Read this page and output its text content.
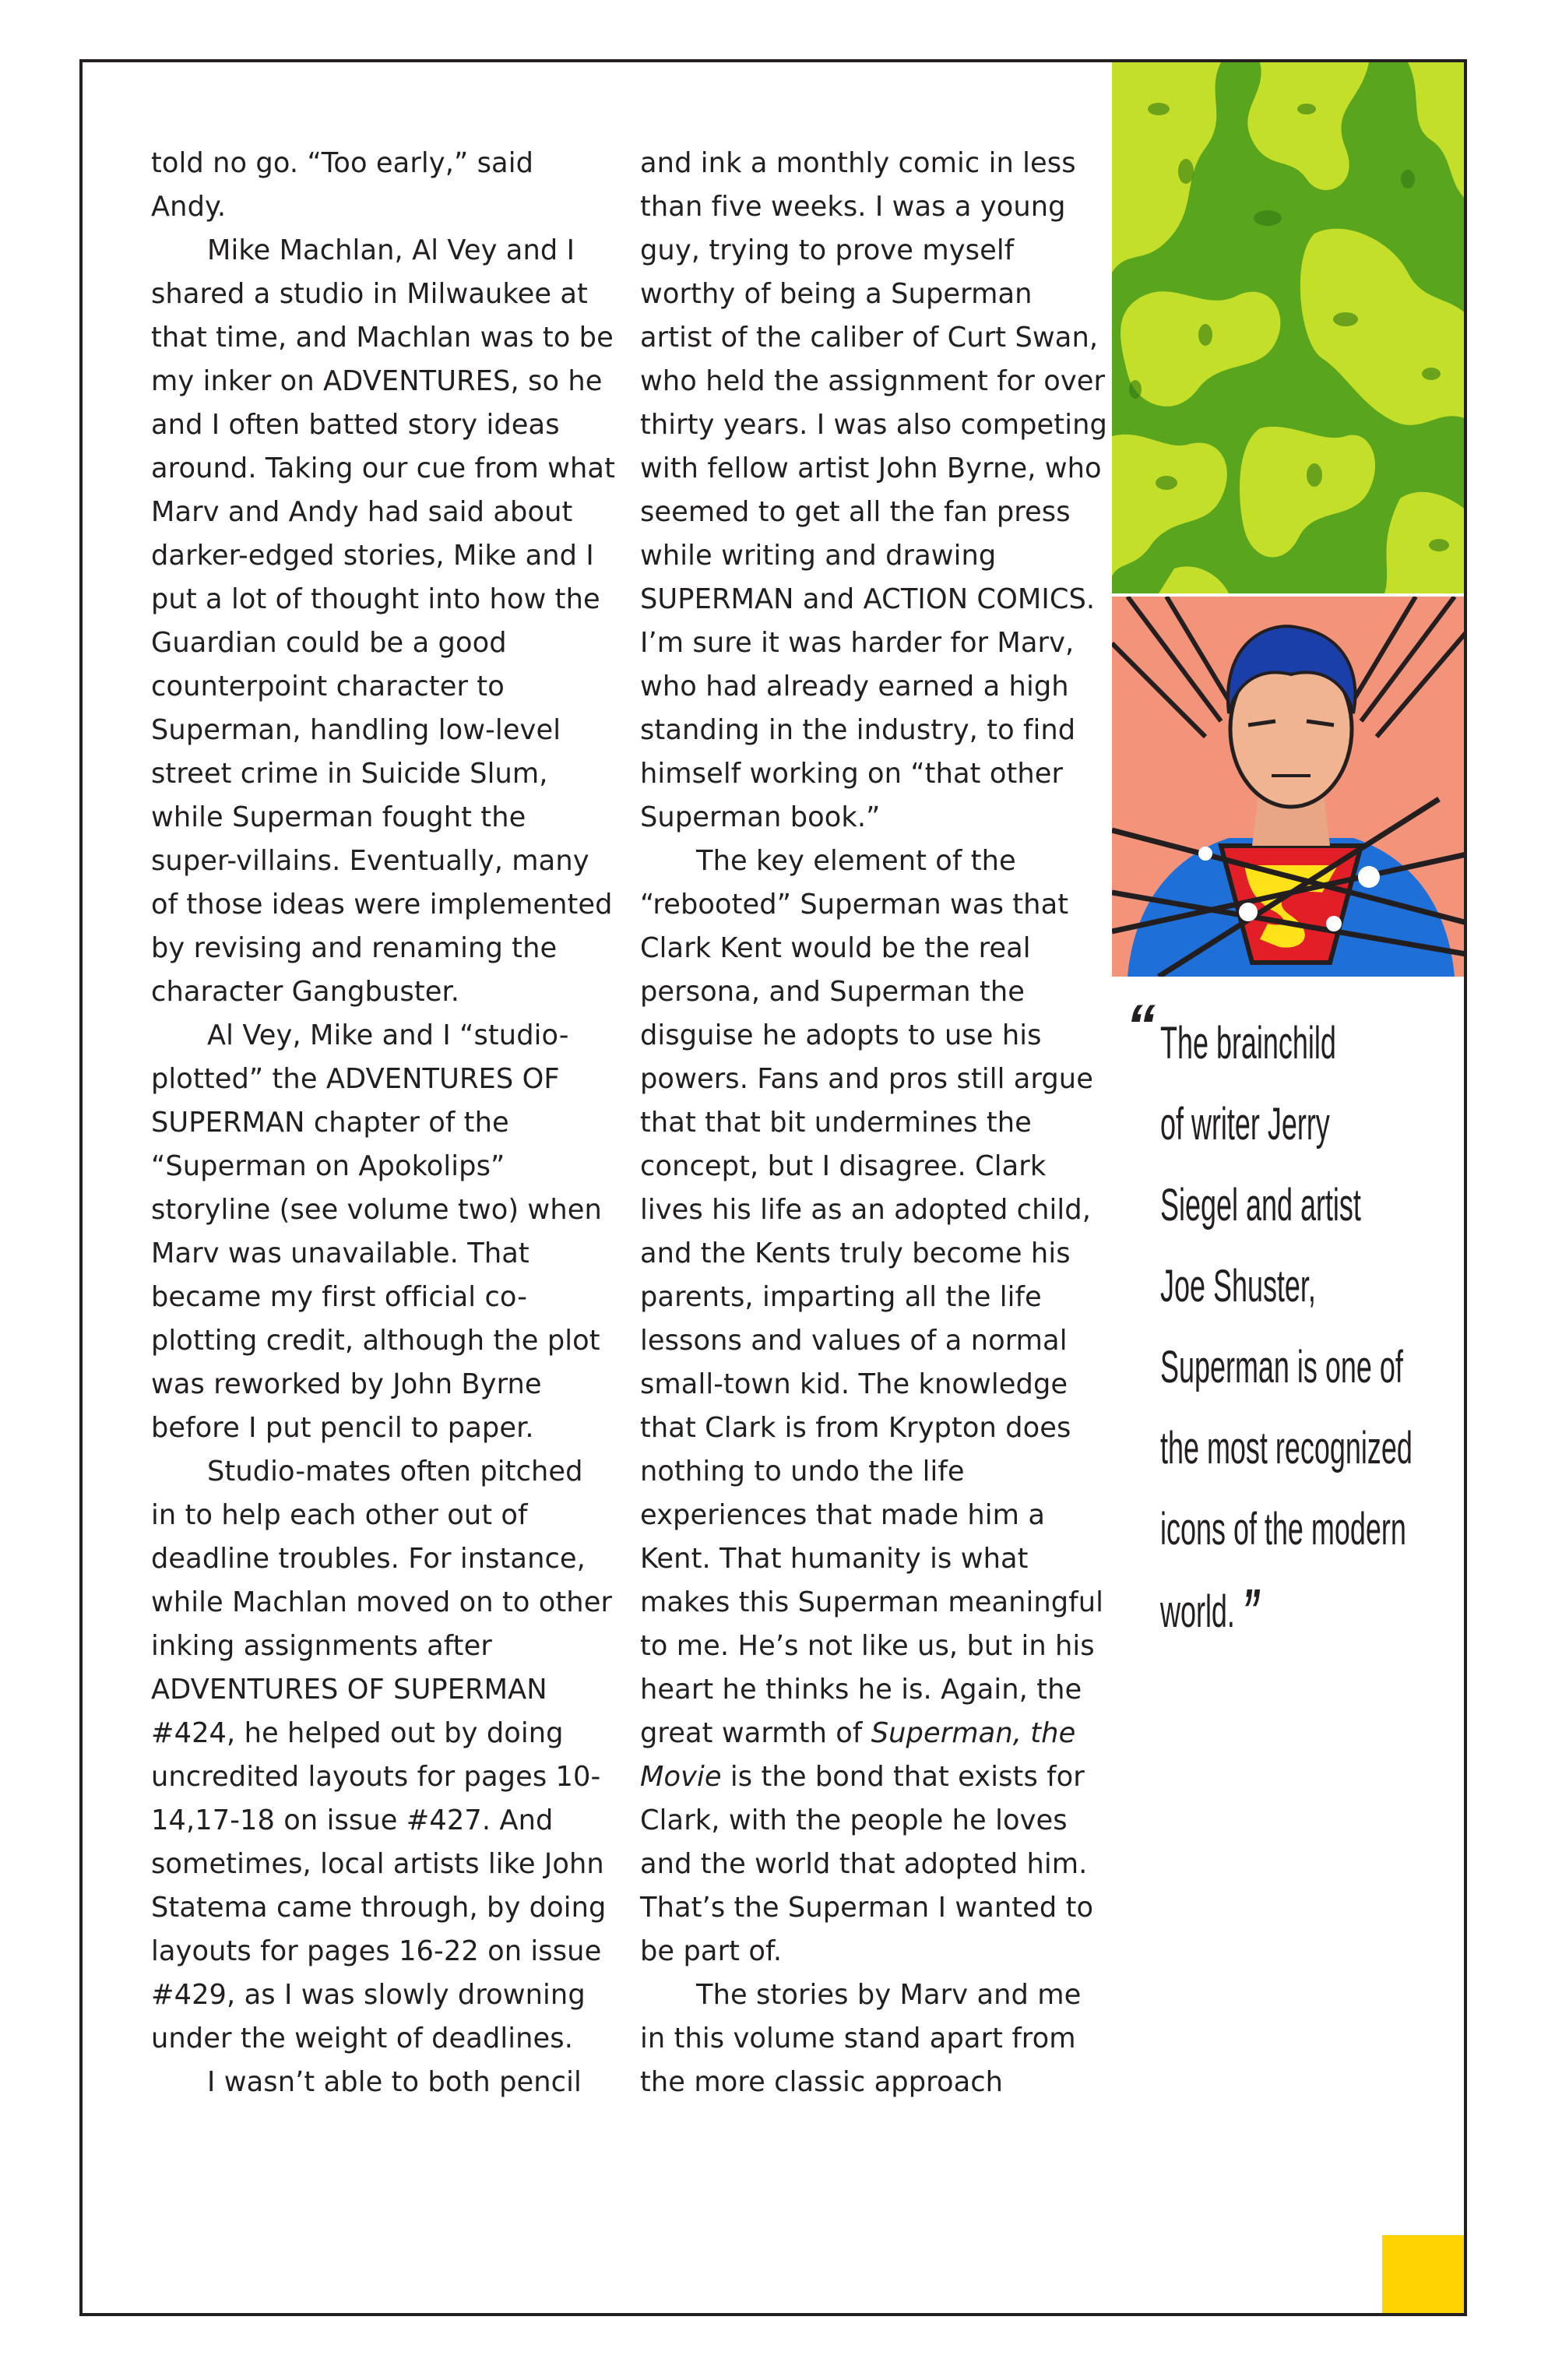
told no go. “Too early,” said Andy.

Mike Machlan, Al Vey and I shared a studio in Milwaukee at that time, and Machlan was to be my inker on ADVENTURES, so he and I often batted story ideas around. Taking our cue from what Marv and Andy had said about darker-edged stories, Mike and I put a lot of thought into how the Guardian could be a good counterpoint character to Superman, handling low-level street crime in Suicide Slum, while Superman fought the super-villains. Eventually, many of those ideas were implemented by revising and renaming the character Gangbuster.

Al Vey, Mike and I “studio-plotted” the ADVENTURES OF SUPERMAN chapter of the “Superman on Apokolips” storyline (see volume two) when Marv was unavailable. That became my first official co-plotting credit, although the plot was reworked by John Byrne before I put pencil to paper.

Studio-mates often pitched in to help each other out of deadline troubles. For instance, while Machlan moved on to other inking assignments after ADVENTURES OF SUPERMAN #424, he helped out by doing uncredited layouts for pages 10-14,17-18 on issue #427. And sometimes, local artists like John Statema came through, by doing layouts for pages 16-22 on issue #429, as I was slowly drowning under the weight of deadlines.

I wasn’t able to both pencil

and ink a monthly comic in less than five weeks. I was a young guy, trying to prove myself worthy of being a Superman artist of the caliber of Curt Swan, who held the assignment for over thirty years. I was also competing with fellow artist John Byrne, who seemed to get all the fan press while writing and drawing SUPERMAN and ACTION COMICS. I’m sure it was harder for Marv, who had already earned a high standing in the industry, to find himself working on “that other Superman book.”

The key element of the “rebooted” Superman was that Clark Kent would be the real persona, and Superman the disguise he adopts to use his powers. Fans and pros still argue that that bit undermines the concept, but I disagree. Clark lives his life as an adopted child, and the Kents truly become his parents, imparting all the life lessons and values of a normal small-town kid. The knowledge that Clark is from Krypton does nothing to undo the life experiences that made him a Kent. That humanity is what makes this Superman meaningful to me. He’s not like us, but in his heart he thinks he is. Again, the great warmth of Superman, the Movie is the bond that exists for Clark, with the people he loves and the world that adopted him. That’s the Superman I wanted to be part of.

The stories by Marv and me in this volume stand apart from the more classic approach

“ The brainchild
of writer Jerry
Siegel and artist
Joe Shuster,
Superman is one of
the most recognized
icons of the modern
world. ”
